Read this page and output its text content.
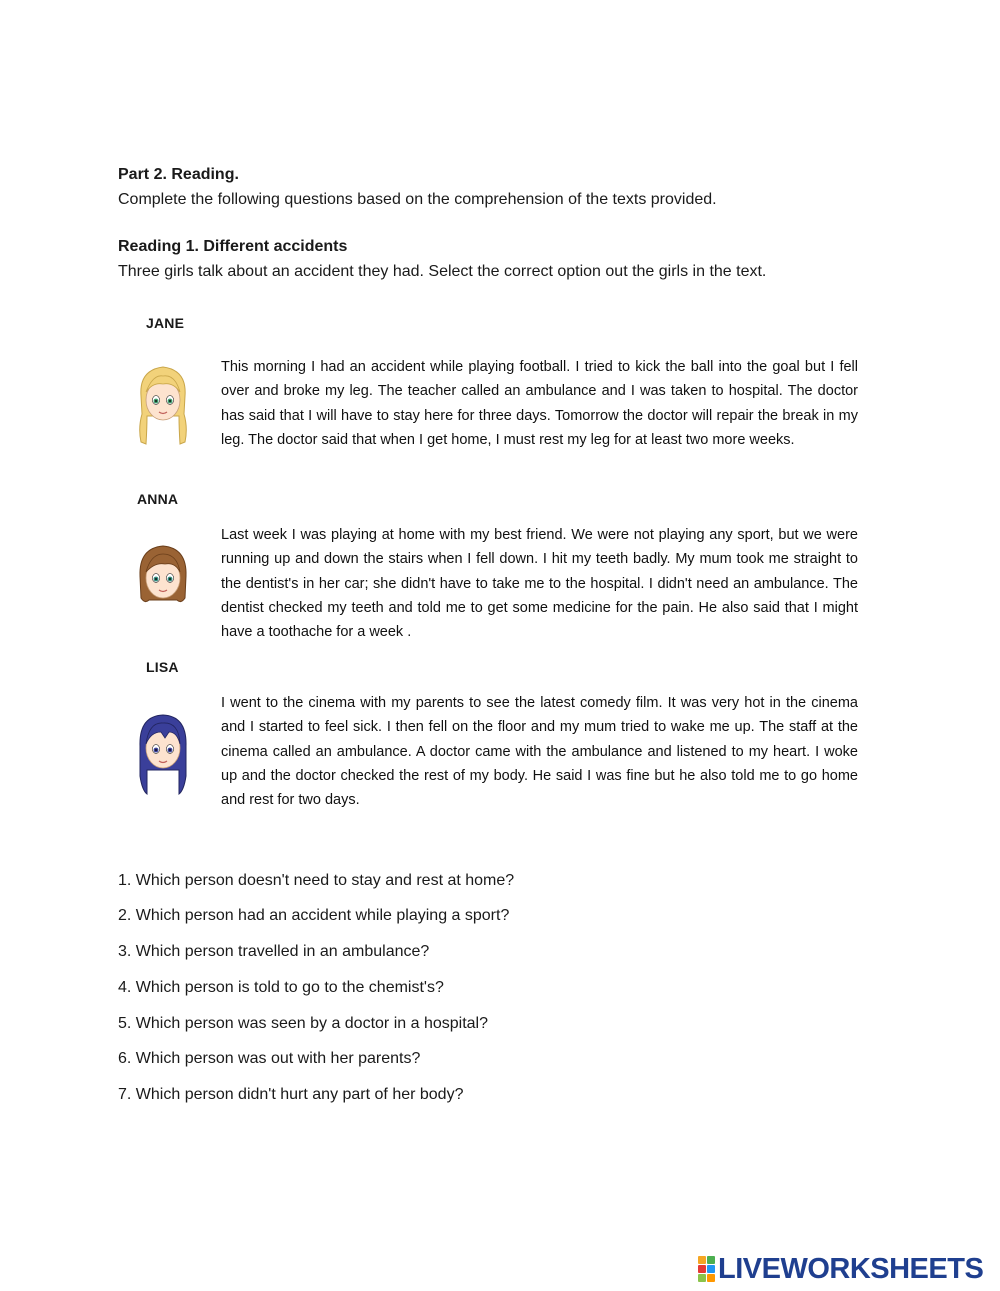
Part 2. Reading.
Complete the following questions based on the comprehension of the texts provided.
Reading 1. Different accidents
Three girls talk about an accident they had. Select the correct option out the girls in the text.
JANE
This morning I had an accident while playing football. I tried to kick the ball into the goal but I fell over and broke my leg. The teacher called an ambulance and I was taken to hospital. The doctor has said that I will have to stay here for three days. Tomorrow the doctor will repair the break in my leg. The doctor said that when I get home, I must rest my leg for at least two more weeks.
ANNA
Last week I was playing at home with my best friend. We were not playing any sport, but we were running up and down the stairs when I fell down. I hit my teeth badly. My mum took me straight to the dentist's in her car; she didn't have to take me to the hospital. I didn't need an ambulance. The dentist checked my teeth and told me to get some medicine for the pain. He also said that I might have a toothache for a week .
LISA
I went to the cinema with my parents to see the latest comedy film. It was very hot in the cinema and I started to feel sick. I then fell on the floor and my mum tried to wake me up. The staff at the cinema called an ambulance. A doctor came with the ambulance and listened to my heart. I woke up and the doctor checked the rest of my body. He said I was fine but he also told me to go home and rest for two days.
1. Which person doesn't need to stay and rest at home?
2. Which person had an accident while playing a sport?
3. Which person travelled in an ambulance?
4. Which person is told to go to the chemist's?
5. Which person was seen by a doctor in a hospital?
6. Which person was out with her parents?
7. Which person didn't hurt any part of her body?
LIVEWORKSHEETS
